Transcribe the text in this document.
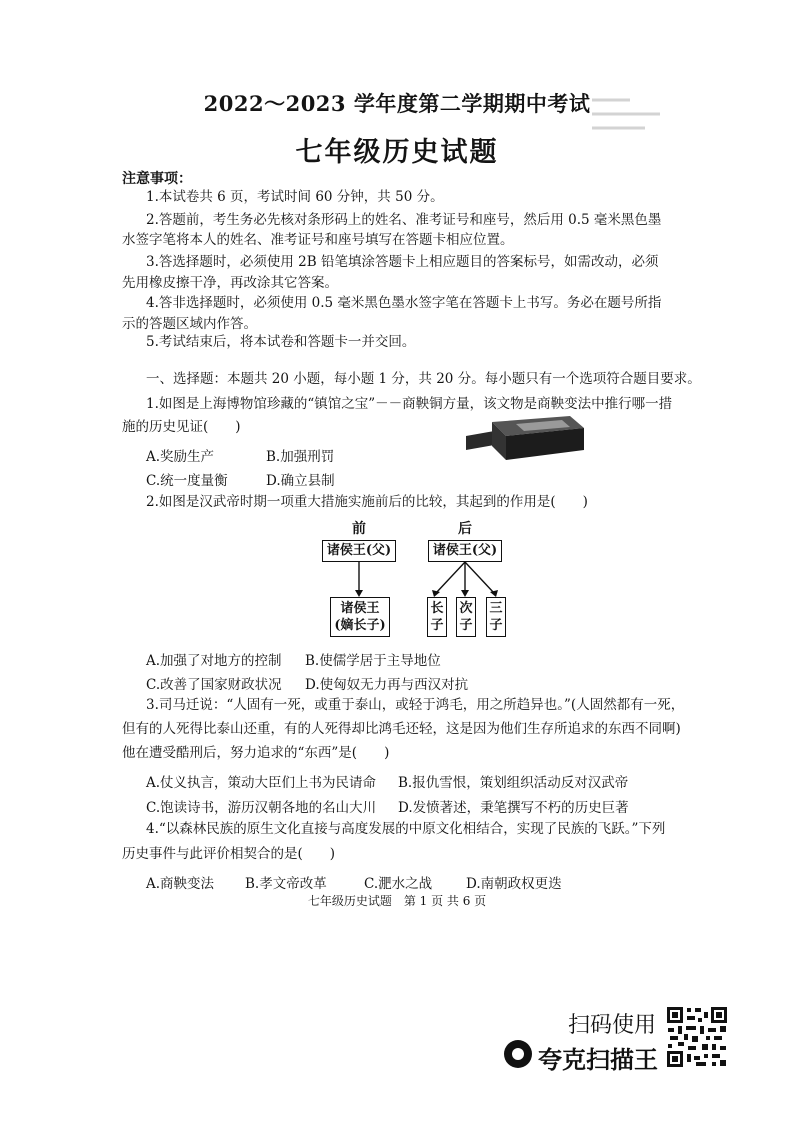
2022～2023 学年度第二学期期中考试
七年级历史试题
注意事项：
1.本试卷共 6 页，考试时间 60 分钟，共 50 分。
2.答题前，考生务必先核对条形码上的姓名、准考证号和座号，然后用 0.5 毫米黑色墨
水签字笔将本人的姓名、准考证号和座号填写在答题卡相应位置。
3.答选择题时，必须使用 2B 铅笔填涂答题卡上相应题目的答案标号，如需改动，必须
先用橡皮擦干净，再改涂其它答案。
4.答非选择题时，必须使用 0.5 毫米黑色墨水签字笔在答题卡上书写。务必在题号所指
示的答题区域内作答。
5.考试结束后，将本试卷和答题卡一并交回。
一、选择题：本题共 20 小题，每小题 1 分，共 20 分。每小题只有一个选项符合题目要求。
1.如图是上海博物馆珍藏的“镇馆之宝”－－商鞅铜方量，该文物是商鞅变法中推行哪一措
施的历史见证(　　)
A.奖励生产	B.加强刑罚
C.统一度量衡	D.确立县制
2.如图是汉武帝时期一项重大措施实施前后的比较，其起到的作用是(　　)
前	后
诸侯王(父)	诸侯王(父)
诸侯王
(嫡长子)
长
子
次
子
三
子
A.加强了对地方的控制 B.使儒学居于主导地位
C.改善了国家财政状况 D.使匈奴无力再与西汉对抗
3.司马迁说：“人固有一死，或重于泰山，或轻于鸿毛，用之所趋异也。”(人固然都有一死，
但有的人死得比泰山还重，有的人死得却比鸿毛还轻，这是因为他们生存所追求的东西不同啊)
他在遭受酷刑后，努力追求的“东西”是(　　)
A.仗义执言，策动大臣们上书为民请命 B.报仇雪恨，策划组织活动反对汉武帝
C.饱读诗书，游历汉朝各地的名山大川 D.发愤著述，秉笔撰写不朽的历史巨著
4.“以森林民族的原生文化直接与高度发展的中原文化相结合，实现了民族的飞跃。”下列
历史事件与此评价相契合的是(　　)
A.商鞅变法 B.孝文帝改革	C.淝水之战	D.南朝政权更迭
七年级历史试题　第 1 页 共 6 页
扫码使用
夸克扫描王
